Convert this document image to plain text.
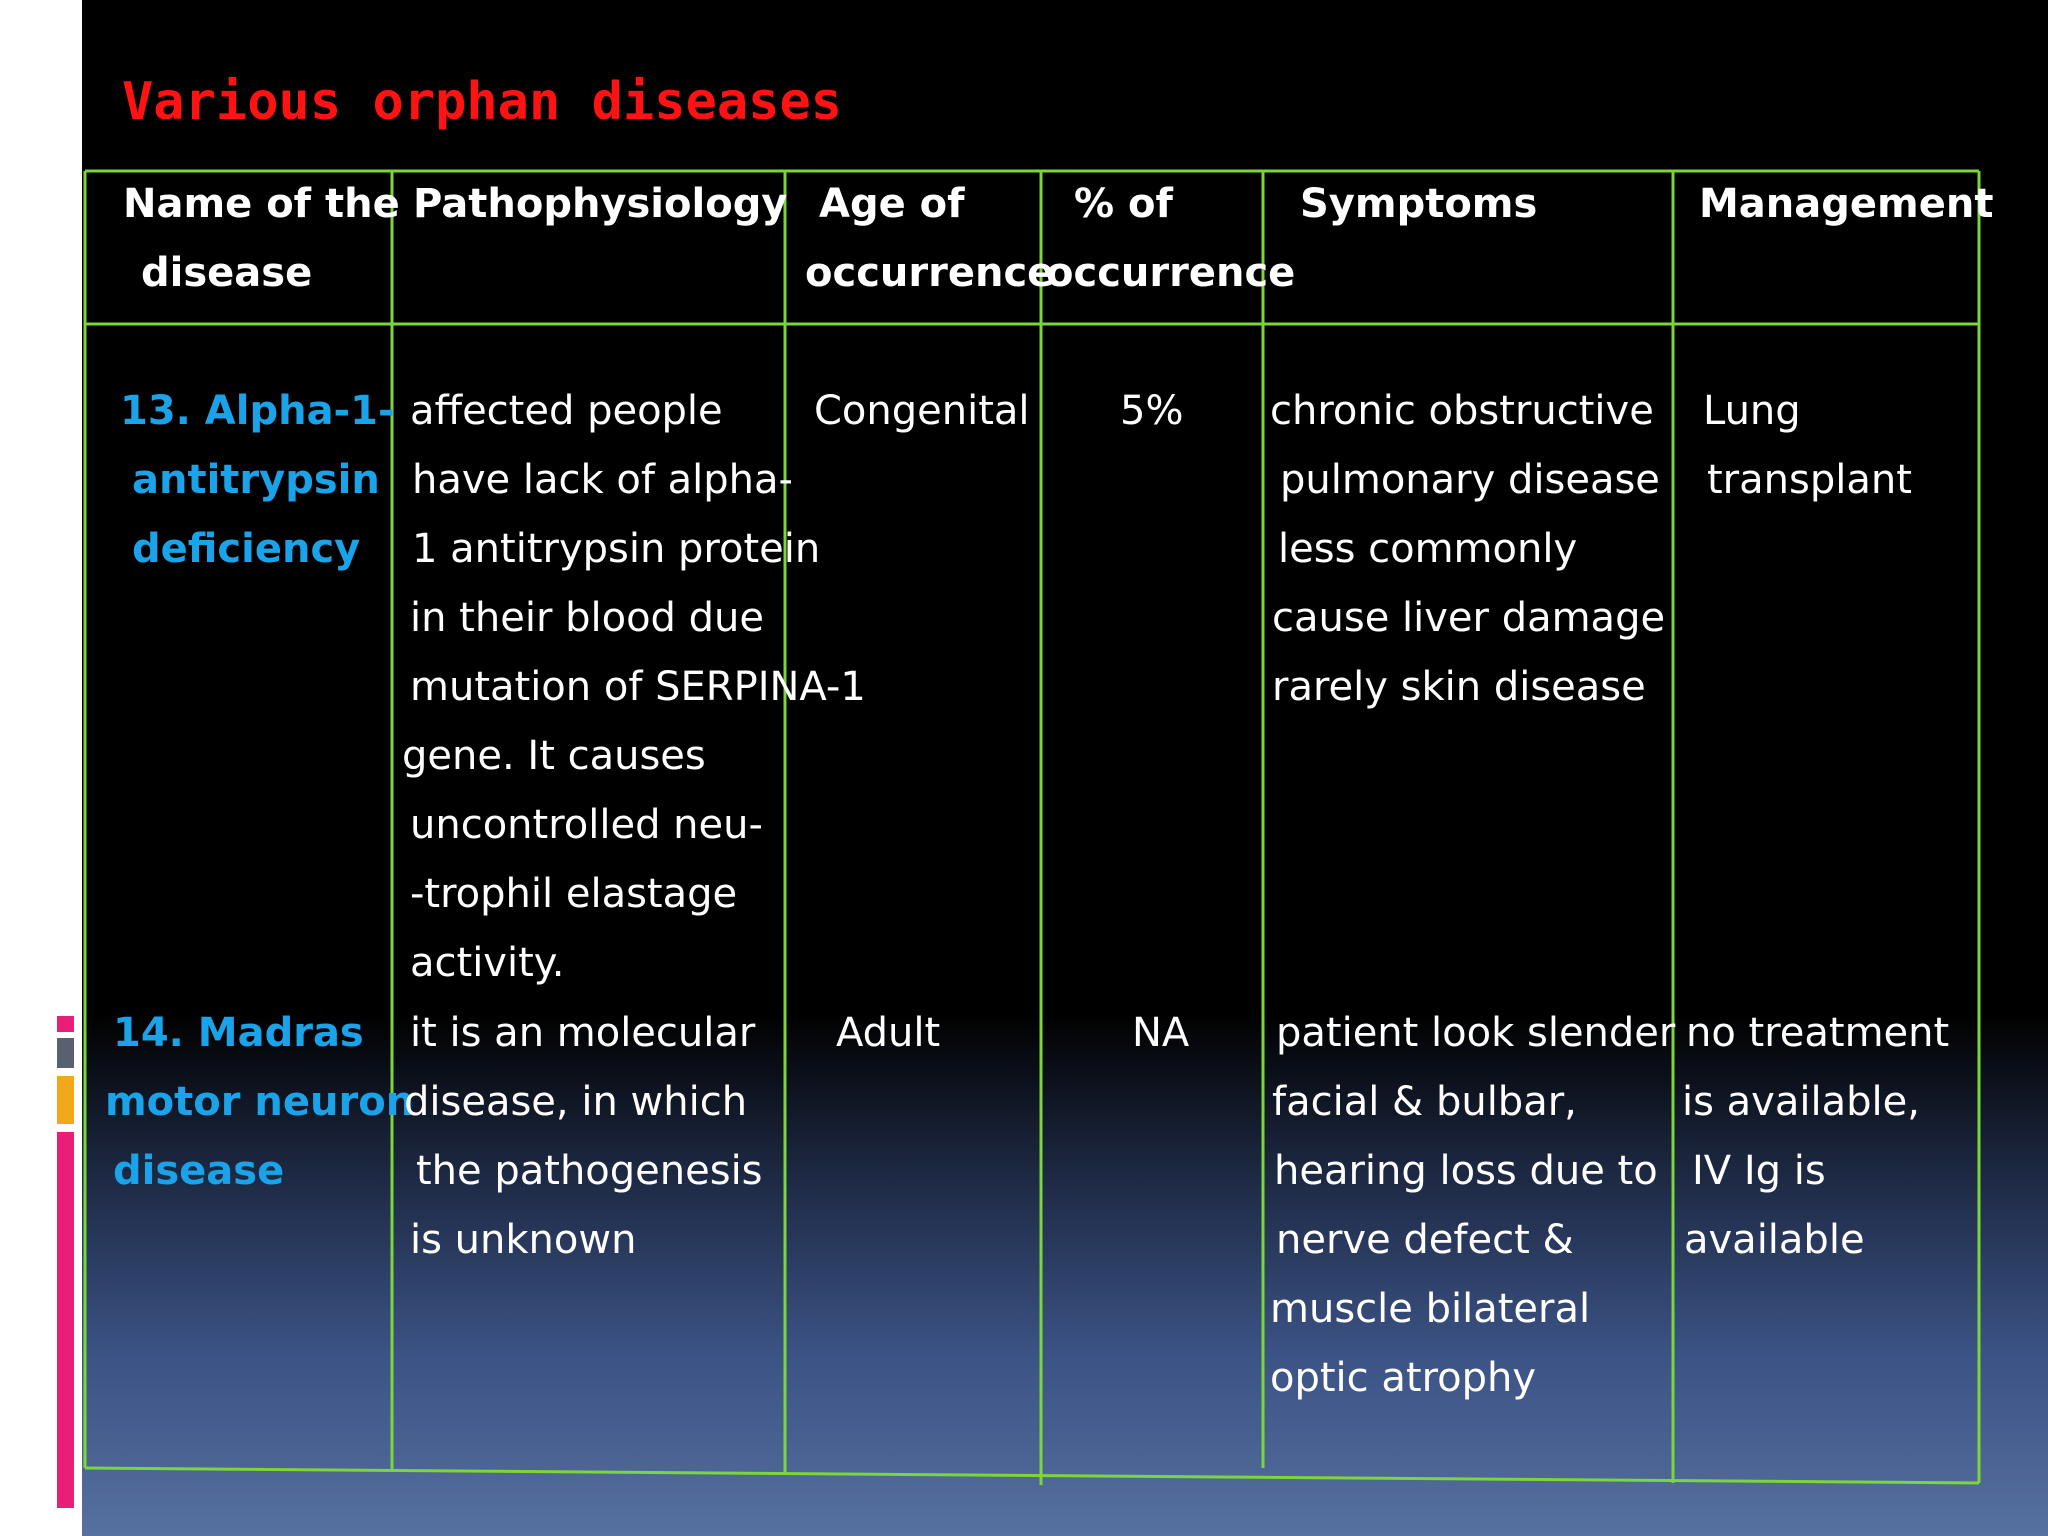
Various orphan diseases
Name of the
disease
Pathophysiology Age of
occurrence
% of
occurrence
Symptoms	Management
13. Alpha-1-
antitrypsin
deficiency
affected people
have lack of alpha-
1 antitrypsin protein
in their blood due
mutation of SERPINA-1
gene. It causes
uncontrolled neu-
-trophil elastage
activity.
Congenital 5% chronic obstructive
pulmonary disease
less commonly
cause liver damage
rarely skin disease
Lung
transplant
14. Madras
motor neuron
disease
it is an molecular
disease, in which
the pathogenesis
is unknown
Adult	NA patient look slender
facial & bulbar,
hearing loss due to
nerve defect &
muscle bilateral
optic atrophy
no treatment
is available,
IV Ig is
available
